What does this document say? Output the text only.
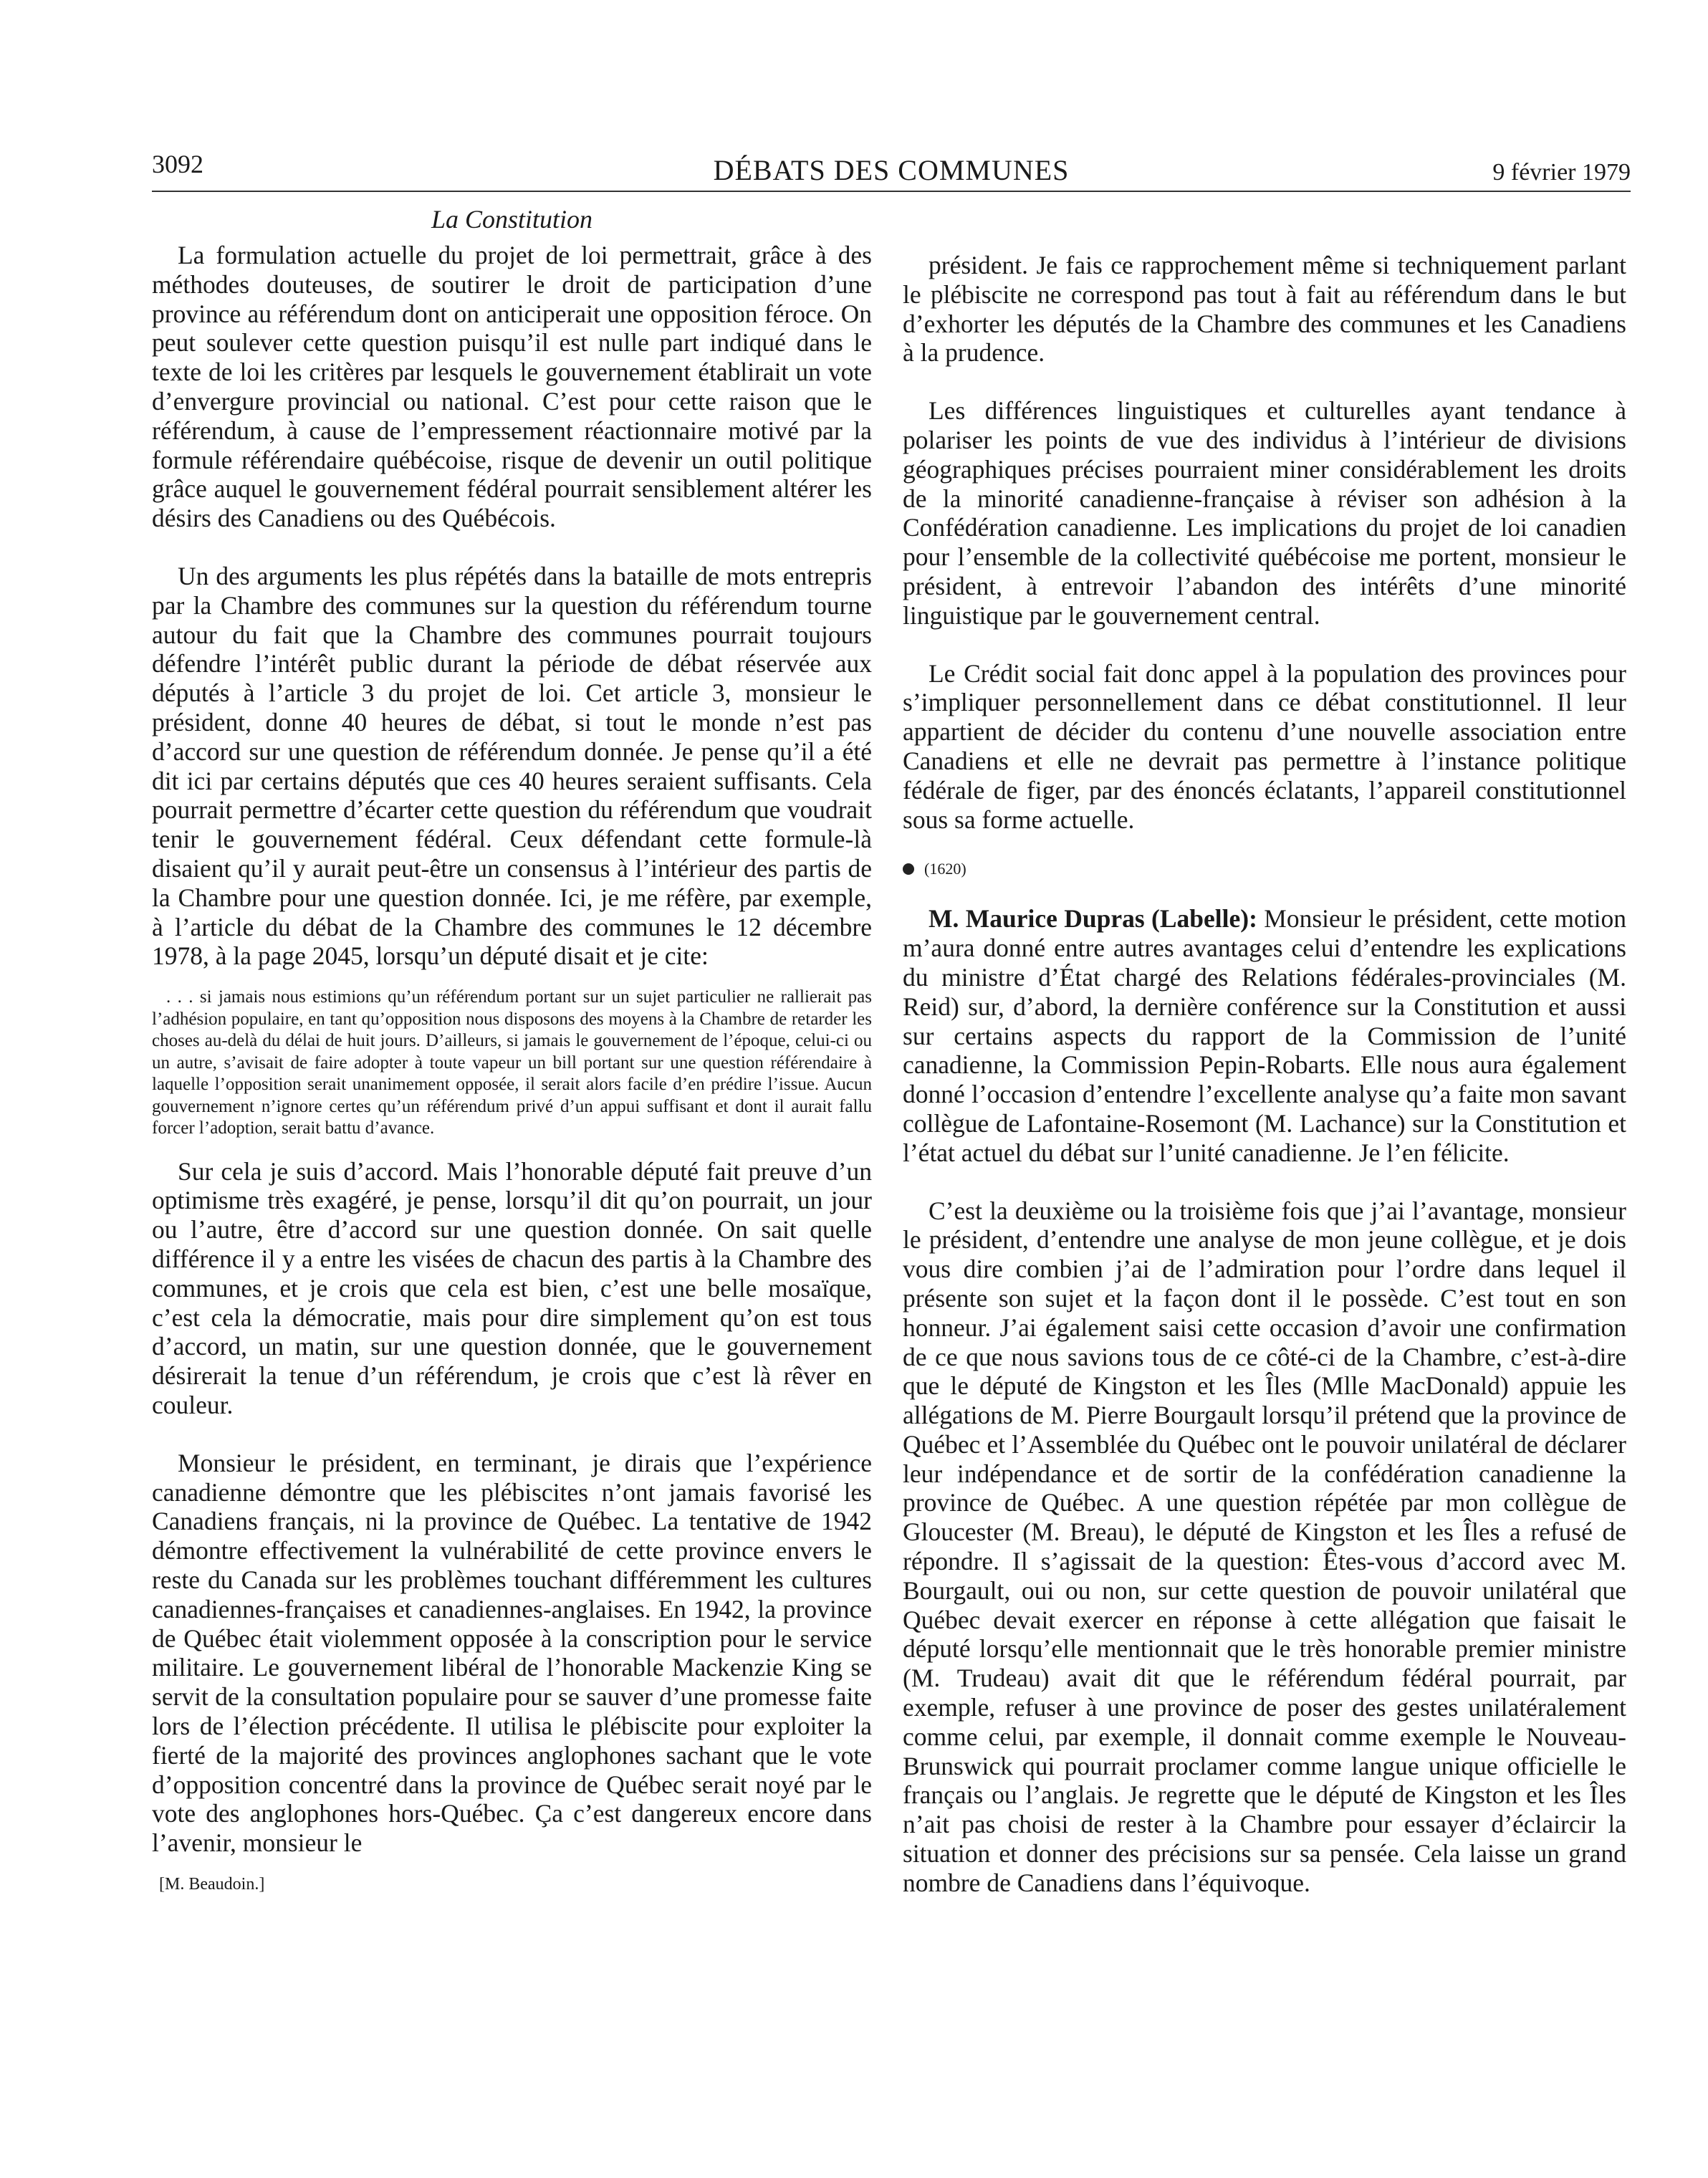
3092	DÉBATS DES COMMUNES	9 février 1979
La Constitution

La formulation actuelle du projet de loi permettrait, grâce à des méthodes douteuses, de soutirer le droit de participation d’une province au référendum dont on anticiperait une opposition féroce. On peut soulever cette question puisqu’il est nulle part indiqué dans le texte de loi les critères par lesquels le gouvernement établirait un vote d’envergure provincial ou national. C’est pour cette raison que le référendum, à cause de l’empressement réactionnaire motivé par la formule référendaire québécoise, risque de devenir un outil politique grâce auquel le gouvernement fédéral pourrait sensiblement altérer les désirs des Canadiens ou des Québécois.

Un des arguments les plus répétés dans la bataille de mots entrepris par la Chambre des communes sur la question du référendum tourne autour du fait que la Chambre des communes pourrait toujours défendre l’intérêt public durant la période de débat réservée aux députés à l’article 3 du projet de loi. Cet article 3, monsieur le président, donne 40 heures de débat, si tout le monde n’est pas d’accord sur une question de référendum donnée. Je pense qu’il a été dit ici par certains députés que ces 40 heures seraient suffisants. Cela pourrait permettre d’écarter cette question du référendum que voudrait tenir le gouvernement fédéral. Ceux défendant cette formule-là disaient qu’il y aurait peut-être un consensus à l’intérieur des partis de la Chambre pour une question donnée. Ici, je me réfère, par exemple, à l’article du débat de la Chambre des communes le 12 décembre 1978, à la page 2045, lorsqu’un député disait et je cite:

. . . si jamais nous estimions qu’un référendum portant sur un sujet particulier ne rallierait pas l’adhésion populaire, en tant qu’opposition nous disposons des moyens à la Chambre de retarder les choses au-delà du délai de huit jours. D’ailleurs, si jamais le gouvernement de l’époque, celui-ci ou un autre, s’avisait de faire adopter à toute vapeur un bill portant sur une question référendaire à laquelle l’opposition serait unanimement opposée, il serait alors facile d’en prédire l’issue. Aucun gouvernement n’ignore certes qu’un référendum privé d’un appui suffisant et dont il aurait fallu forcer l’adoption, serait battu d’avance.

Sur cela je suis d’accord. Mais l’honorable député fait preuve d’un optimisme très exagéré, je pense, lorsqu’il dit qu’on pourrait, un jour ou l’autre, être d’accord sur une question donnée. On sait quelle différence il y a entre les visées de chacun des partis à la Chambre des communes, et je crois que cela est bien, c’est une belle mosaïque, c’est cela la démocratie, mais pour dire simplement qu’on est tous d’accord, un matin, sur une question donnée, que le gouvernement désirerait la tenue d’un référendum, je crois que c’est là rêver en couleur.

Monsieur le président, en terminant, je dirais que l’expérience canadienne démontre que les plébiscites n’ont jamais favorisé les Canadiens français, ni la province de Québec. La tentative de 1942 démontre effectivement la vulnérabilité de cette province envers le reste du Canada sur les problèmes touchant différemment les cultures canadiennes-françaises et canadiennes-anglaises. En 1942, la province de Québec était violemment opposée à la conscription pour le service militaire. Le gouvernement libéral de l’honorable Mackenzie King se servit de la consultation populaire pour se sauver d’une promesse faite lors de l’élection précédente. Il utilisa le plébiscite pour exploiter la fierté de la majorité des provinces anglophones sachant que le vote d’opposition concentré dans la province de Québec serait noyé par le vote des anglophones hors-Québec. Ça c’est dangereux encore dans l’avenir, monsieur le

[M. Beaudoin.]

président. Je fais ce rapprochement même si techniquement parlant le plébiscite ne correspond pas tout à fait au référendum dans le but d’exhorter les députés de la Chambre des communes et les Canadiens à la prudence.

Les différences linguistiques et culturelles ayant tendance à polariser les points de vue des individus à l’intérieur de divisions géographiques précises pourraient miner considérablement les droits de la minorité canadienne-française à réviser son adhésion à la Confédération canadienne. Les implications du projet de loi canadien pour l’ensemble de la collectivité québécoise me portent, monsieur le président, à entrevoir l’abandon des intérêts d’une minorité linguistique par le gouvernement central.

Le Crédit social fait donc appel à la population des provinces pour s’impliquer personnellement dans ce débat constitutionnel. Il leur appartient de décider du contenu d’une nouvelle association entre Canadiens et elle ne devrait pas permettre à l’instance politique fédérale de figer, par des énoncés éclatants, l’appareil constitutionnel sous sa forme actuelle.

(1620)

M. Maurice Dupras (Labelle): Monsieur le président, cette motion m’aura donné entre autres avantages celui d’entendre les explications du ministre d’État chargé des Relations fédérales-provinciales (M. Reid) sur, d’abord, la dernière conférence sur la Constitution et aussi sur certains aspects du rapport de la Commission de l’unité canadienne, la Commission Pepin-Robarts. Elle nous aura également donné l’occasion d’entendre l’excellente analyse qu’a faite mon savant collègue de Lafontaine-Rosemont (M. Lachance) sur la Constitution et l’état actuel du débat sur l’unité canadienne. Je l’en félicite.

C’est la deuxième ou la troisième fois que j’ai l’avantage, monsieur le président, d’entendre une analyse de mon jeune collègue, et je dois vous dire combien j’ai de l’admiration pour l’ordre dans lequel il présente son sujet et la façon dont il le possède. C’est tout en son honneur. J’ai également saisi cette occasion d’avoir une confirmation de ce que nous savions tous de ce côté-ci de la Chambre, c’est-à-dire que le député de Kingston et les Îles (Mlle MacDonald) appuie les allégations de M. Pierre Bourgault lorsqu’il prétend que la province de Québec et l’Assemblée du Québec ont le pouvoir unilatéral de déclarer leur indépendance et de sortir de la confédération canadienne la province de Québec. A une question répétée par mon collègue de Gloucester (M. Breau), le député de Kingston et les Îles a refusé de répondre. Il s’agissait de la question: Êtes-vous d’accord avec M. Bourgault, oui ou non, sur cette question de pouvoir unilatéral que Québec devait exercer en réponse à cette allégation que faisait le député lorsqu’elle mentionnait que le très honorable premier ministre (M. Trudeau) avait dit que le référendum fédéral pourrait, par exemple, refuser à une province de poser des gestes unilatéralement comme celui, par exemple, il donnait comme exemple le Nouveau-Brunswick qui pourrait proclamer comme langue unique officielle le français ou l’anglais. Je regrette que le député de Kingston et les Îles n’ait pas choisi de rester à la Chambre pour essayer d’éclaircir la situation et donner des précisions sur sa pensée. Cela laisse un grand nombre de Canadiens dans l’équivoque.
